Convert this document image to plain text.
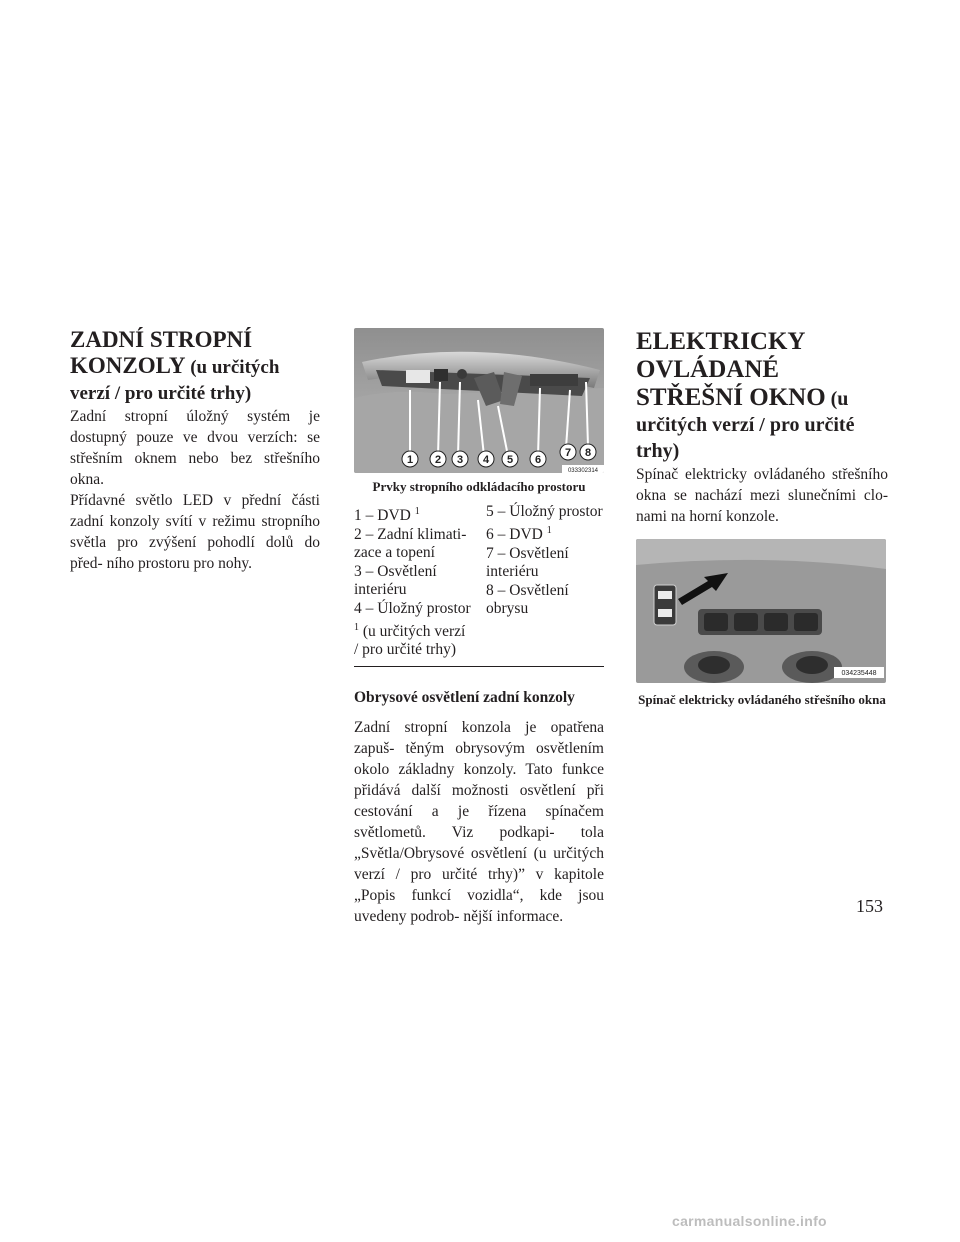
ZADNÍ STROPNÍ KONZOLY (u určitých verzí / pro určité trhy)

Zadní stropní úložný systém je dostupný pouze ve dvou verzích: se střešním oknem nebo bez střešního okna.

Přídavné světlo LED v přední části zadní konzoly svítí v režimu stropního světla pro zvýšení pohodlí dolů do před- ního prostoru pro nohy.

1 2 3 4 5 6
7 8
033302314
Prvky stropního odkládacího prostoru
1 – DVD $^1$
2 – Zadní klimati- zace a topení
3 – Osvětlení interiéru
4 – Úložný prostor
$^1$ (u určitých verzí / pro určité trhy)
5 – Úložný prostor
6 – DVD $^1$
7 – Osvětlení interiéru
8 – Osvětlení obrysu
Obrysové osvětlení zadní konzoly

Zadní stropní konzola je opatřena zapuš- těným obrysovým osvětlením okolo základny konzoly. Tato funkce přidává další možnosti osvětlení při cestování a je řízena spínačem světlometů. Viz podkapi- tola „Světla/Obrysové osvětlení (u určitých verzí / pro určité trhy)” v kapitole „Popis funkcí vozidla“, kde jsou uvedeny podrob- nější informace.

ELEKTRICKY OVLÁDANÉ STŘEŠNÍ OKNO (u určitých verzí / pro určité trhy)

Spínač elektricky ovládaného střešního okna se nachází mezi slunečními clo- nami na horní konzole.

034235448
Spínač elektricky ovládaného střešního okna
153
carmanualsonline.info
